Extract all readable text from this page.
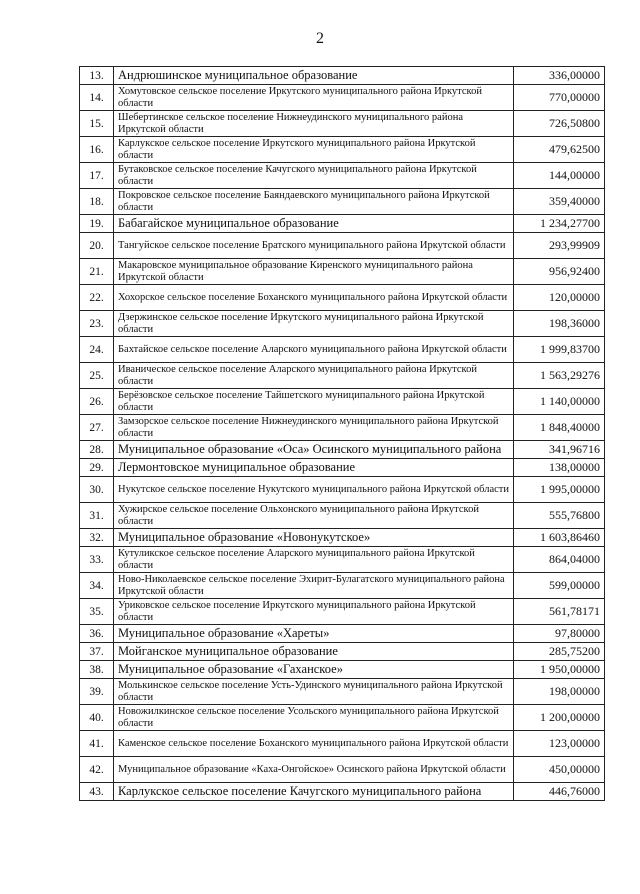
2
13.	Андрюшинское муниципальное образование	336,00000
14.	Хомутовское сельское поселение Иркутского муниципального района Иркутской области	770,00000
15.	Шебертинское сельское поселение Нижнеудинского муниципального района Иркутской области	726,50800
16.	Карлукское сельское поселение Иркутского муниципального района Иркутской области	479,62500
17.	Бутаковское сельское поселение Качугского муниципального района Иркутской области	144,00000
18.	Покровское сельское поселение Баяндаевского муниципального района Иркутской области	359,40000
19.	Бабагайское муниципальное образование	1 234,27700
20.	Тангуйское сельское поселение Братского муниципального района Иркутской области	293,99909
21.	Макаровское муниципальное образование Киренского муниципального района Иркутской области	956,92400
22.	Хохорское сельское поселение Боханского муниципального района Иркутской области	120,00000
23.	Дзержинское сельское поселение Иркутского муниципального района Иркутской области	198,36000
24.	Бахтайское сельское поселение Аларского муниципального района Иркутской области	1 999,83700
25.	Иваническое сельское поселение Аларского муниципального района Иркутской области	1 563,29276
26.	Берёзовское сельское поселение Тайшетского муниципального района Иркутской области	1 140,00000
27.	Замзорское сельское поселение Нижнеудинского муниципального района Иркутской области	1 848,40000
28.	Муниципальное образование «Оса» Осинского муниципального района	341,96716
29.	Лермонтовское муниципальное образование	138,00000
30.	Нукутское сельское поселение Нукутского муниципального района Иркутской области	1 995,00000
31.	Хужирское сельское поселение Ольхонского муниципального района Иркутской области	555,76800
32.	Муниципальное образование «Новонукутское»	1 603,86460
33.	Кутуликское сельское поселение Аларского муниципального района Иркутской области	864,04000
34.	Ново-Николаевское сельское поселение Эхирит-Булагатского муниципального района Иркутской области	599,00000
35.	Уриковское сельское поселение Иркутского муниципального района Иркутской области	561,78171
36.	Муниципальное образование «Хареты»	97,80000
37.	Мойганское муниципальное образование	285,75200
38.	Муниципальное образование «Гаханское»	1 950,00000
39.	Молькинское сельское поселение Усть-Удинского муниципального района Иркутской области	198,00000
40.	Новожилкинское сельское поселение Усольского муниципального района Иркутской области	1 200,00000
41.	Каменское сельское поселение Боханского муниципального района Иркутской области	123,00000
42.	Муниципальное образование «Каха-Онгойское» Осинского района Иркутской области	450,00000
43.	Карлукское сельское поселение Качугского муниципального района	446,76000
